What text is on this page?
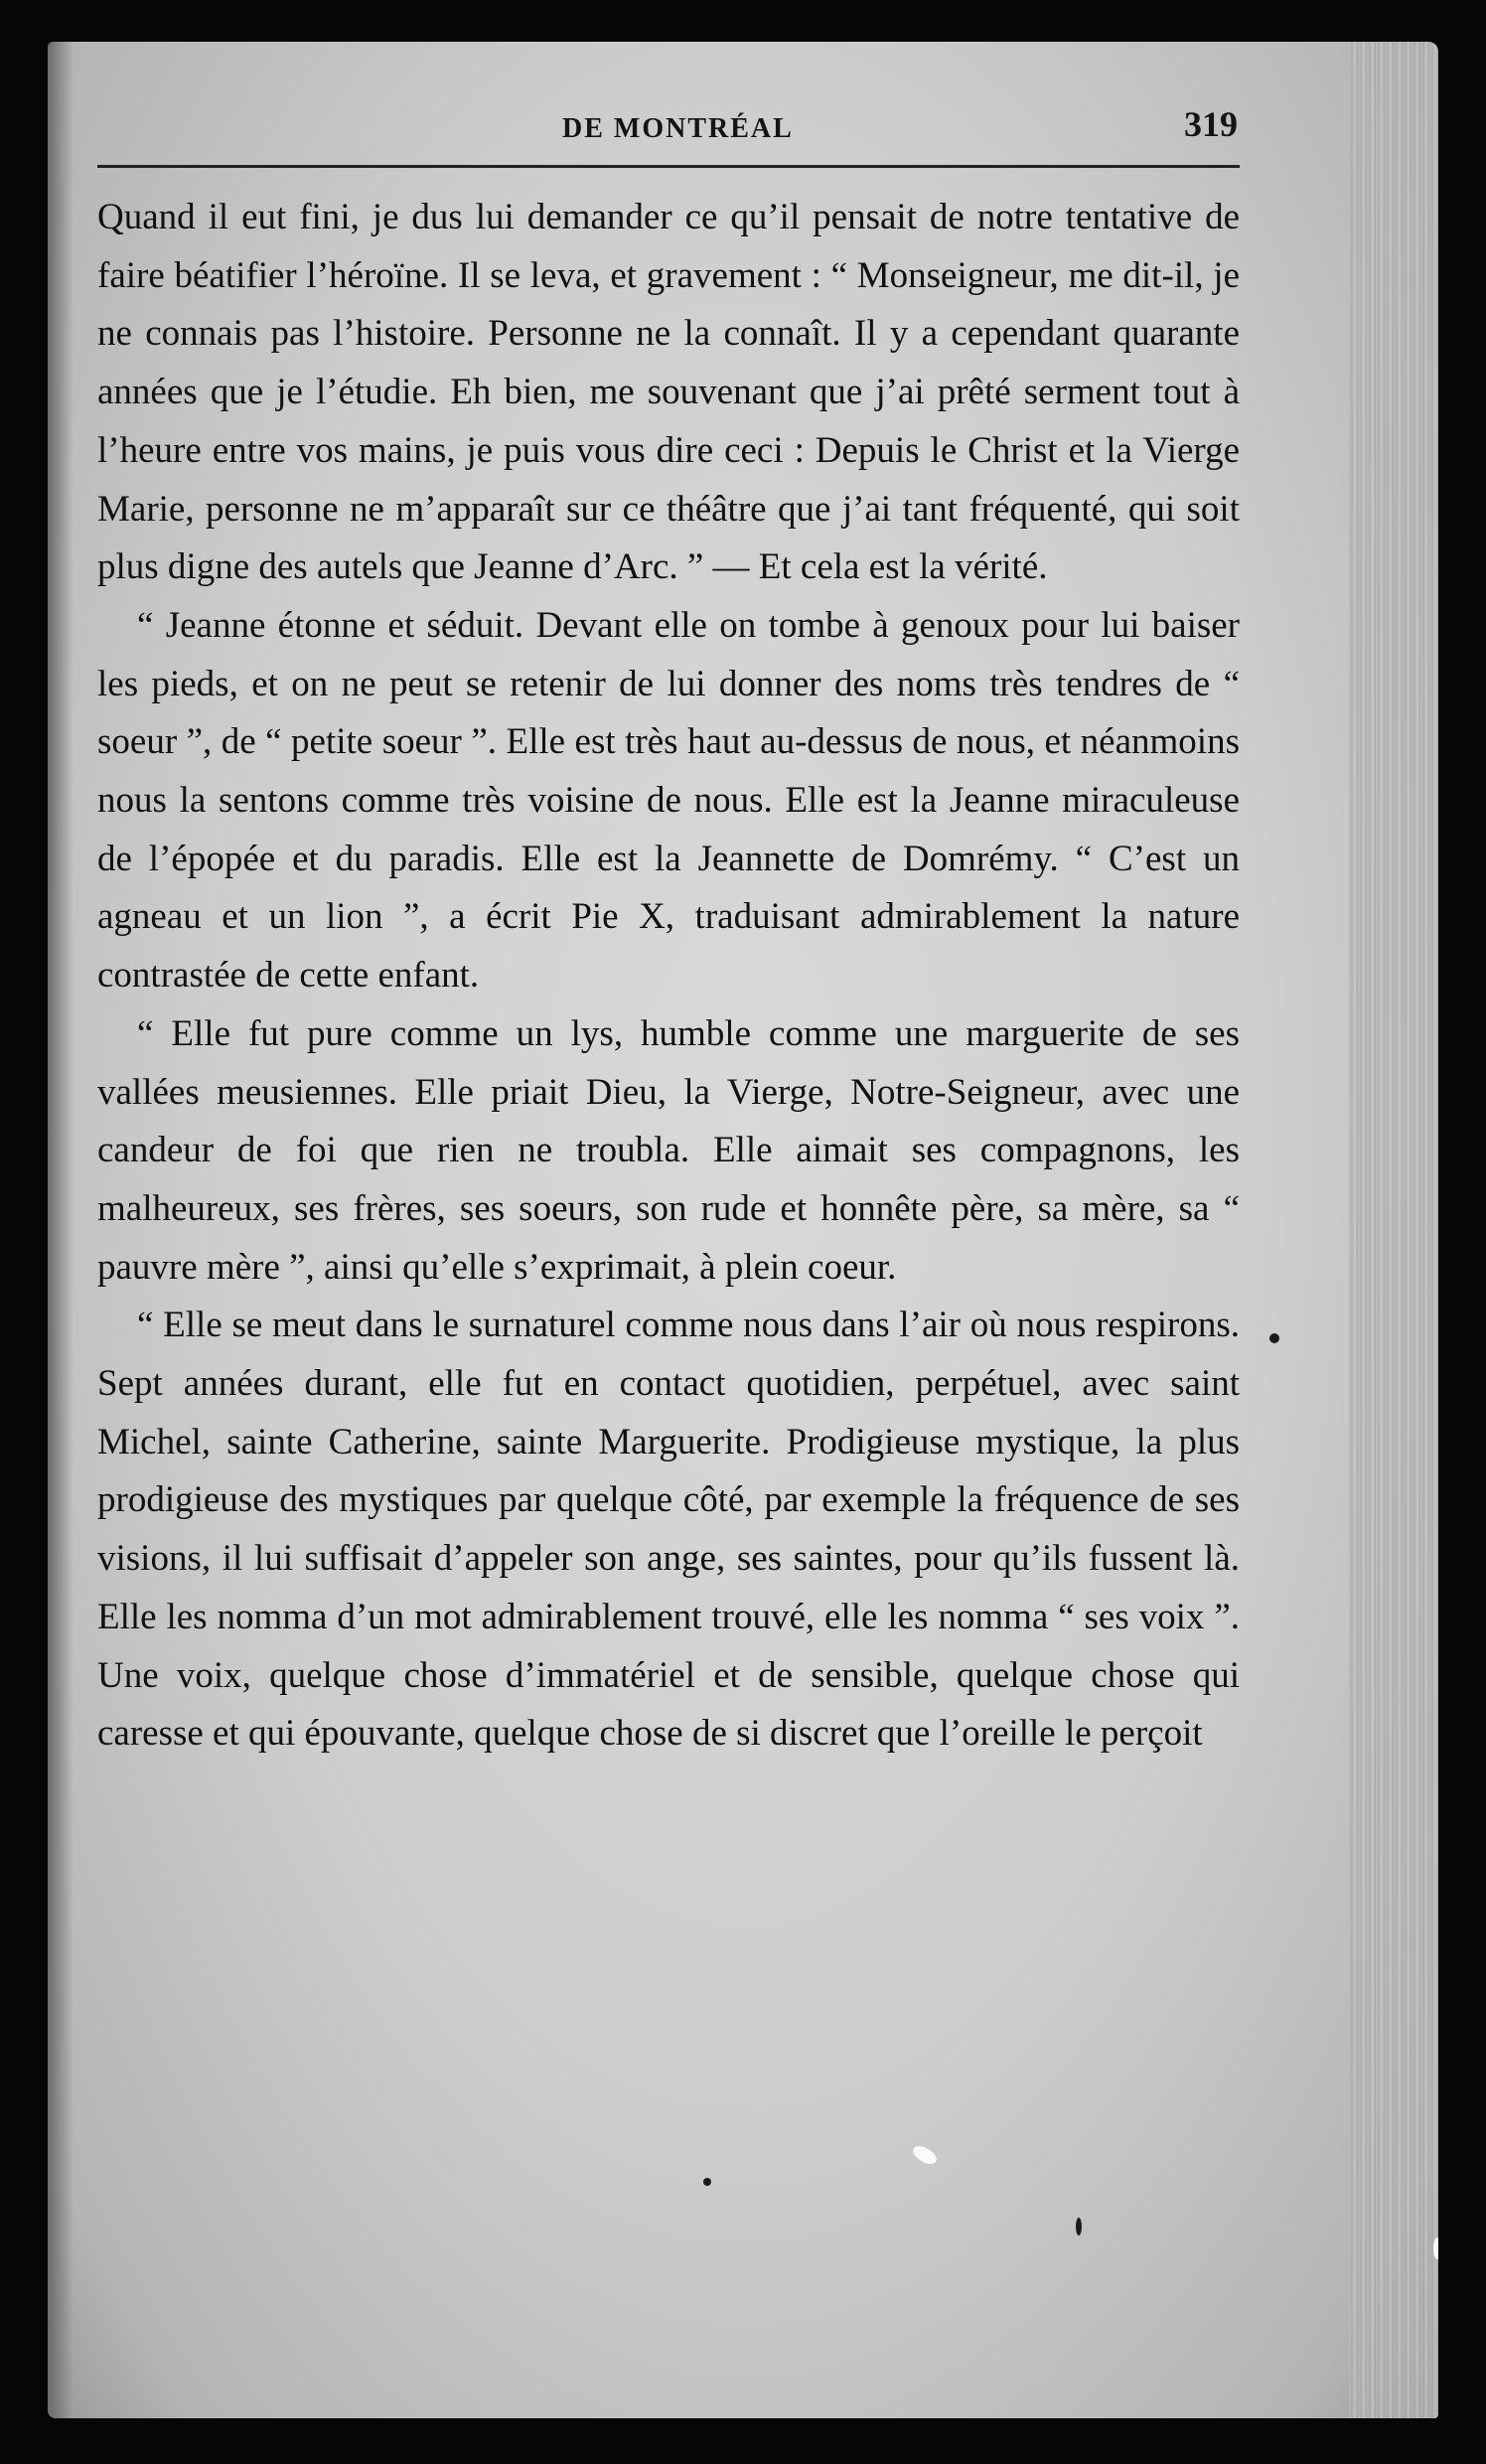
DE MONTRÉAL	319

Quand il eut fini, je dus lui demander ce qu’il pensait de notre tentative de faire béatifier l’héroïne. Il se leva, et gravement : “ Monseigneur, me dit-il, je ne connais pas l’histoire. Personne ne la connaît. Il y a cependant quarante années que je l’étudie. Eh bien, me souvenant que j’ai prêté serment tout à l’heure entre vos mains, je puis vous dire ceci : Depuis le Christ et la Vierge Marie, personne ne m’apparaît sur ce théâtre que j’ai tant fréquenté, qui soit plus digne des autels que Jeanne d’Arc. ” — Et cela est la vérité.

“ Jeanne étonne et séduit. Devant elle on tombe à genoux pour lui baiser les pieds, et on ne peut se retenir de lui donner des noms très tendres de “ soeur ”, de “ petite soeur ”. Elle est très haut au-dessus de nous, et néanmoins nous la sentons comme très voisine de nous. Elle est la Jeanne miraculeuse de l’épopée et du paradis. Elle est la Jeannette de Domrémy. “ C’est un agneau et un lion ”, a écrit Pie X, traduisant admirablement la nature contrastée de cette enfant.

“ Elle fut pure comme un lys, humble comme une marguerite de ses vallées meusiennes. Elle priait Dieu, la Vierge, Notre-Seigneur, avec une candeur de foi que rien ne troubla. Elle aimait ses compagnons, les malheureux, ses frères, ses soeurs, son rude et honnête père, sa mère, sa “ pauvre mère ”, ainsi qu’elle s’exprimait, à plein coeur.

“ Elle se meut dans le surnaturel comme nous dans l’air où nous respirons. Sept années durant, elle fut en contact quotidien, perpétuel, avec saint Michel, sainte Catherine, sainte Marguerite. Prodigieuse mystique, la plus prodigieuse des mystiques par quelque côté, par exemple la fréquence de ses visions, il lui suffisait d’appeler son ange, ses saintes, pour qu’ils fussent là. Elle les nomma d’un mot admirablement trouvé, elle les nomma “ ses voix ”. Une voix, quelque chose d’immatériel et de sensible, quelque chose qui caresse et qui épouvante, quelque chose de si discret que l’oreille le perçoit
